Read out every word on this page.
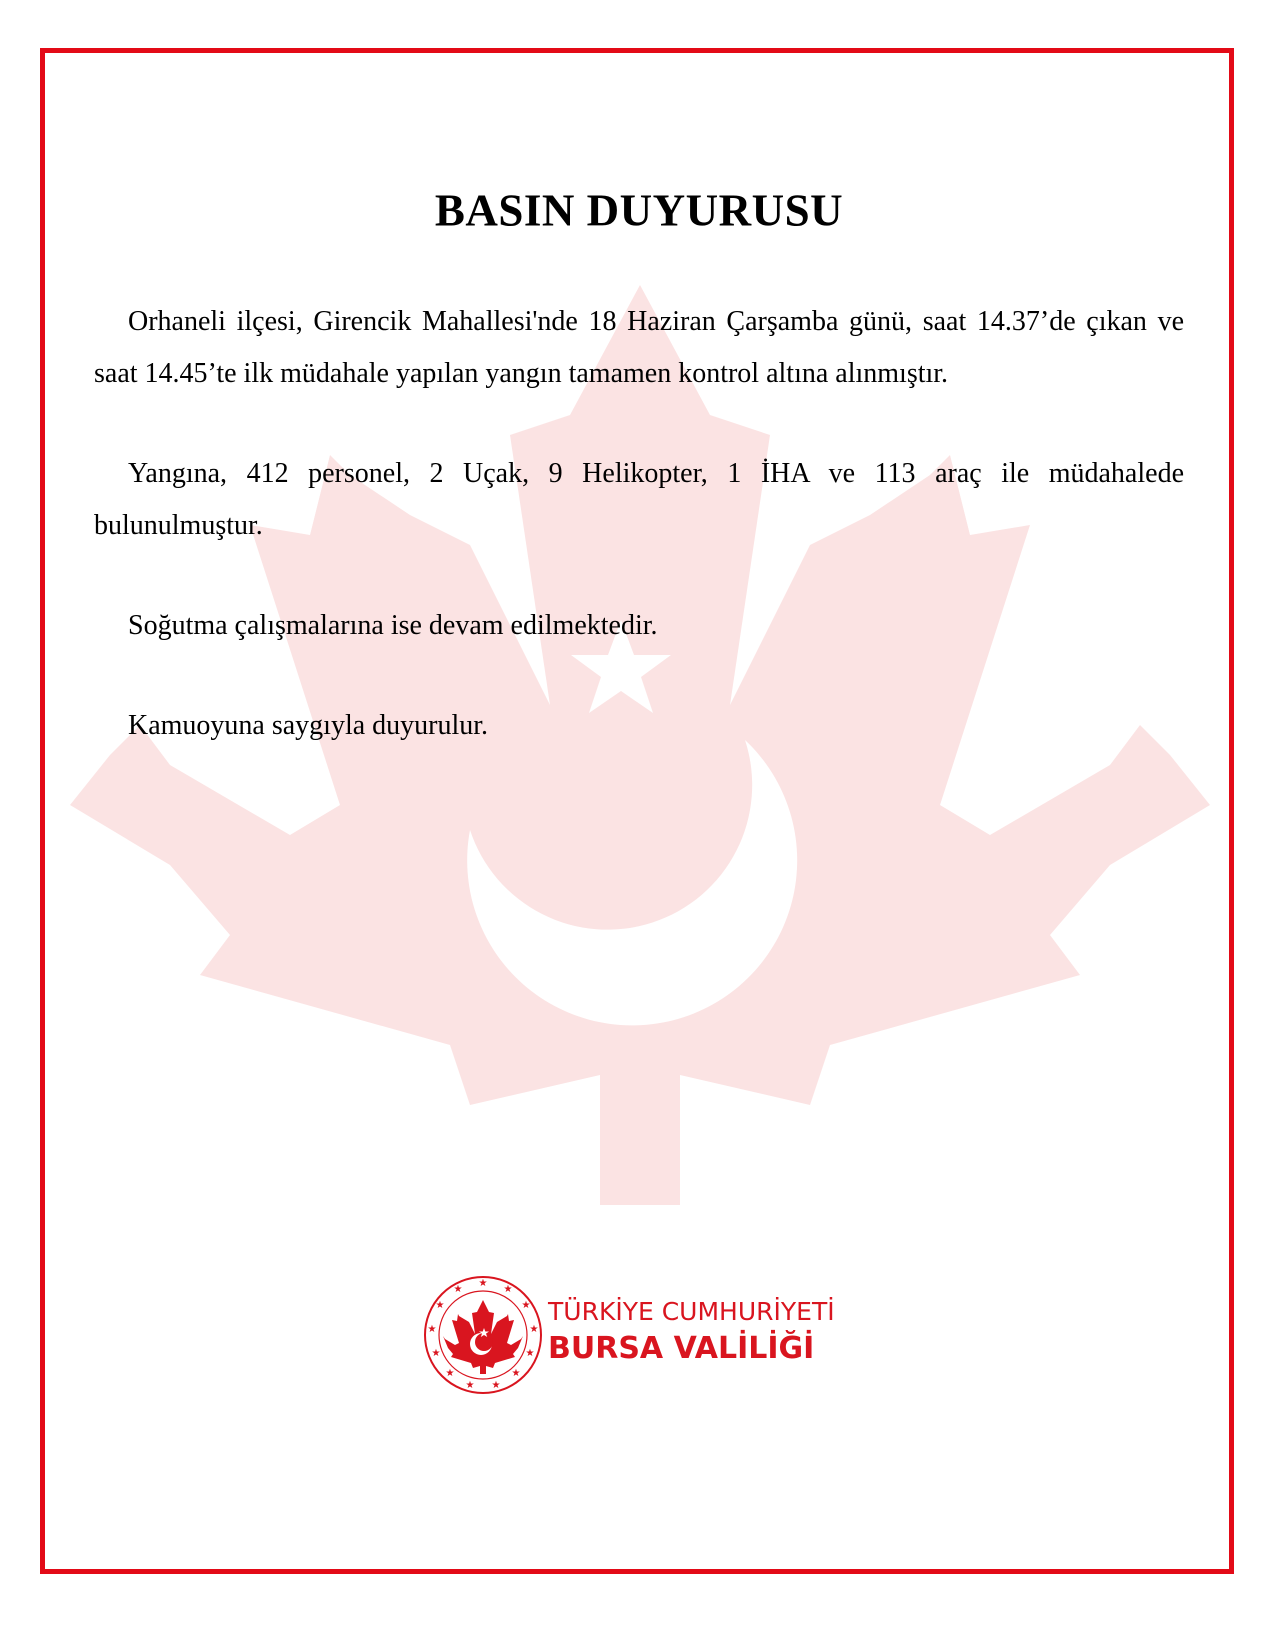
BASIN DUYURUSU

Orhaneli ilçesi, Girencik Mahallesi'nde 18 Haziran Çarşamba günü, saat 14.37’de çıkan ve saat 14.45’te ilk müdahale yapılan yangın tamamen kontrol altına alınmıştır.

Yangına, 412 personel, 2 Uçak, 9 Helikopter, 1 İHA ve 113 araç ile müdahalede bulunulmuştur.

Soğutma çalışmalarına ise devam edilmektedir.

Kamuoyuna saygıyla duyurulur.

★
★
★
★
★
★
★
★
★
★
★
★
★
TÜRKİYE CUMHURİYETİ
BURSA VALİLİĞİ
